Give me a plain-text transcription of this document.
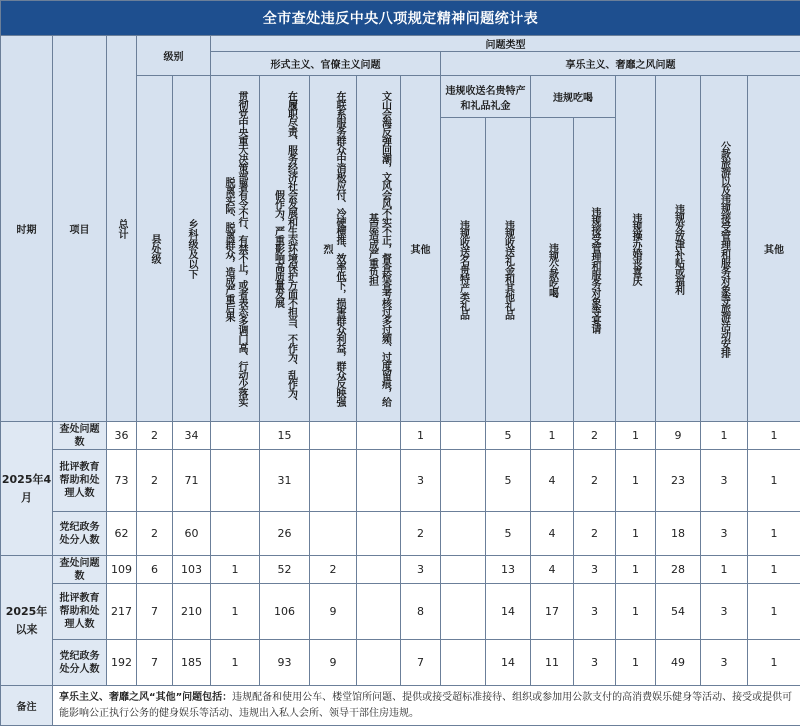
全市查处违反中央八项规定精神问题统计表																	
时期	项目	总计	级别		问题类型												
					形式主义、官僚主义问题					享乐主义、奢靡之风问题							

			县处级	乡科级及以下	贯彻党中央重大决策部署有令不行、有禁不止，或者表态多调门高、行动少落实脱离实际、脱离群众，造成严重后果	在履职尽责、服务经济社会发展和生态环境保护方面不担当、不作为、乱作为、假作为，严重影响高质量发展	在联系服务群众中消极应付、冷硬横推、效率低下，损害群众利益，群众反映强烈	文山会海反弹回潮，文风会风不实不正，督查检查考核过多过频、过度留痕，给基层造成严重负担	其他	违规收送名贵特产和礼品礼金		违规吃喝		违规操办婚丧喜庆	违规发放津补贴或福利	公款旅游以及违规接受管理和服务对象等旅游活动安排	其他

										违规收送名贵特产类礼品	违规收送礼金和其他礼品	违规公款吃喝	违规接受管理和服务对象等宴请				

2025年4月	查处问题数	36	2	34		15			1		5	1	2	1	9	1	1
	批评教育帮助和处理人数	73	2	71		31			3		5	4	2	1	23	3	1
	党纪政务处分人数	62	2	60		26			2		5	4	2	1	18	3	1
2025年以来	查处问题数	109	6	103	1	52	2		3		13	4	3	1	28	1	1
	批评教育帮助和处理人数	217	7	210	1	106	9		8		14	17	3	1	54	3	1
	党纪政务处分人数	192	7	185	1	93	9		7		14	11	3	1	49	3	1
备注	享乐主义、奢靡之风“其他”问题包括：违规配备和使用公车、楼堂馆所问题、提供或接受超标准接待、组织或参加用公款支付的高消费娱乐健身等活动、接受或提供可能影响公正执行公务的健身娱乐等活动、违规出入私人会所、领导干部住房违规。																
